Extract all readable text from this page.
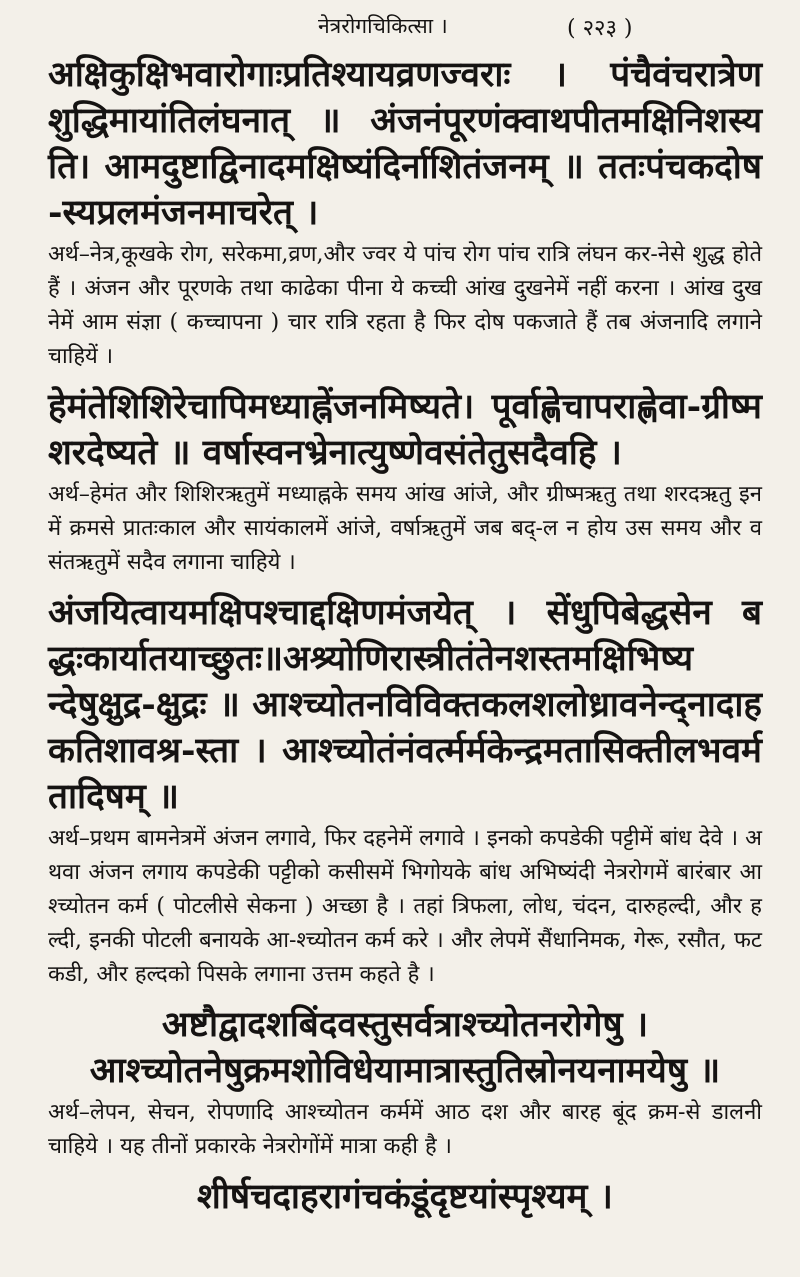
नेत्ररोगचिकित्सा ।	( २२३ )

अक्षिकुक्षिभवारोगाःप्रतिश्यायव्रणज्वराः । पंचैवंचरात्रेण शुद्धिमायांतिलंघनात् ॥ अंजनंपूरणंक्वाथपीतमक्षिनिशस्यति। आमदुष्टाद्विनादमक्षिष्यंदिर्नाशितंजनम् ॥ ततःपंचकदोष-स्यप्रलमंजनमाचरेत् ।

अर्थ–नेत्र,कूखके रोग, सरेकमा,व्रण,और ज्वर ये पांच रोग पांच रात्रि लंघन कर-नेसे शुद्ध होते हैं । अंजन और पूरणके तथा काढेका पीना ये कच्ची आंख दुखनेमें नहीं करना । आंख दुखनेमें आम संज्ञा ( कच्चापना ) चार रात्रि रहता है फिर दोष पकजाते हैं तब अंजनादि लगाने चाहियें ।

हेमंतेशिशिरेचापिमध्याह्नेंजनमिष्यते। पूर्वाह्णेचापराह्णेवा-ग्रीष्मशरदेष्यते ॥ वर्षास्वनभ्रेनात्युष्णेवसंतेतुसदैवहि ।

अर्थ–हेमंत और शिशिरऋतुमें मध्याह्नके समय आंख आंजे, और ग्रीष्मऋतु तथा शरदऋतु इनमें क्रमसे प्रातःकाल और सायंकालमें आंजे, वर्षाऋतुमें जब बद्-ल न होय उस समय और वसंतऋतुमें सदैव लगाना चाहिये ।

अंजयित्वायमक्षिपश्चाद्दक्षिणमंजयेत् । सेंधुपिबेद्धसेन बद्धःकार्यातयाच्छुतः॥अश्र्योणिरास्त्रीतंतेनशस्तमक्षिभिष्यन्देषुक्षुद्र-क्षुद्रः ॥ आश्च्योतनविविक्तकलशलोध्रावनेन्द्नादाहकतिशावश्र-स्ता । आश्च्योतंनंवर्त्मर्मकेन्द्रमतासिक्तीलभवर्मतादिषम् ॥

अर्थ–प्रथम बामनेत्रमें अंजन लगावे, फिर दहनेमें लगावे । इनको कपडेकी पट्टीमें बांध देवे । अथवा अंजन लगाय कपडेकी पट्टीको कसीसमें भिगोयके बांध अभिष्यंदी नेत्ररोगमें बारंबार आश्च्योतन कर्म ( पोटलीसे सेकना ) अच्छा है । तहां त्रिफला, लोध, चंदन, दारुहल्दी, और हल्दी, इनकी पोटली बनायके आ-श्च्योतन कर्म करे । और लेपमें सैंधानिमक, गेरू, रसौत, फटकडी, और हल्दको पिसके लगाना उत्तम कहते है ।

अष्टौद्वादशबिंदवस्तुसर्वत्राश्च्योतनरोगेषु ।

आश्च्योतनेषुक्रमशोविधेयामात्रास्तुतिस्रोनयनामयेषु ॥

अर्थ–लेपन, सेचन, रोपणादि आश्च्योतन कर्ममें आठ दश और बारह बूंद क्रम-से डालनी चाहिये । यह तीनों प्रकारके नेत्ररोगोंमें मात्रा कही है ।

शीर्षचदाहरागंचकंडूंदृष्टयांस्पृश्यम् ।
